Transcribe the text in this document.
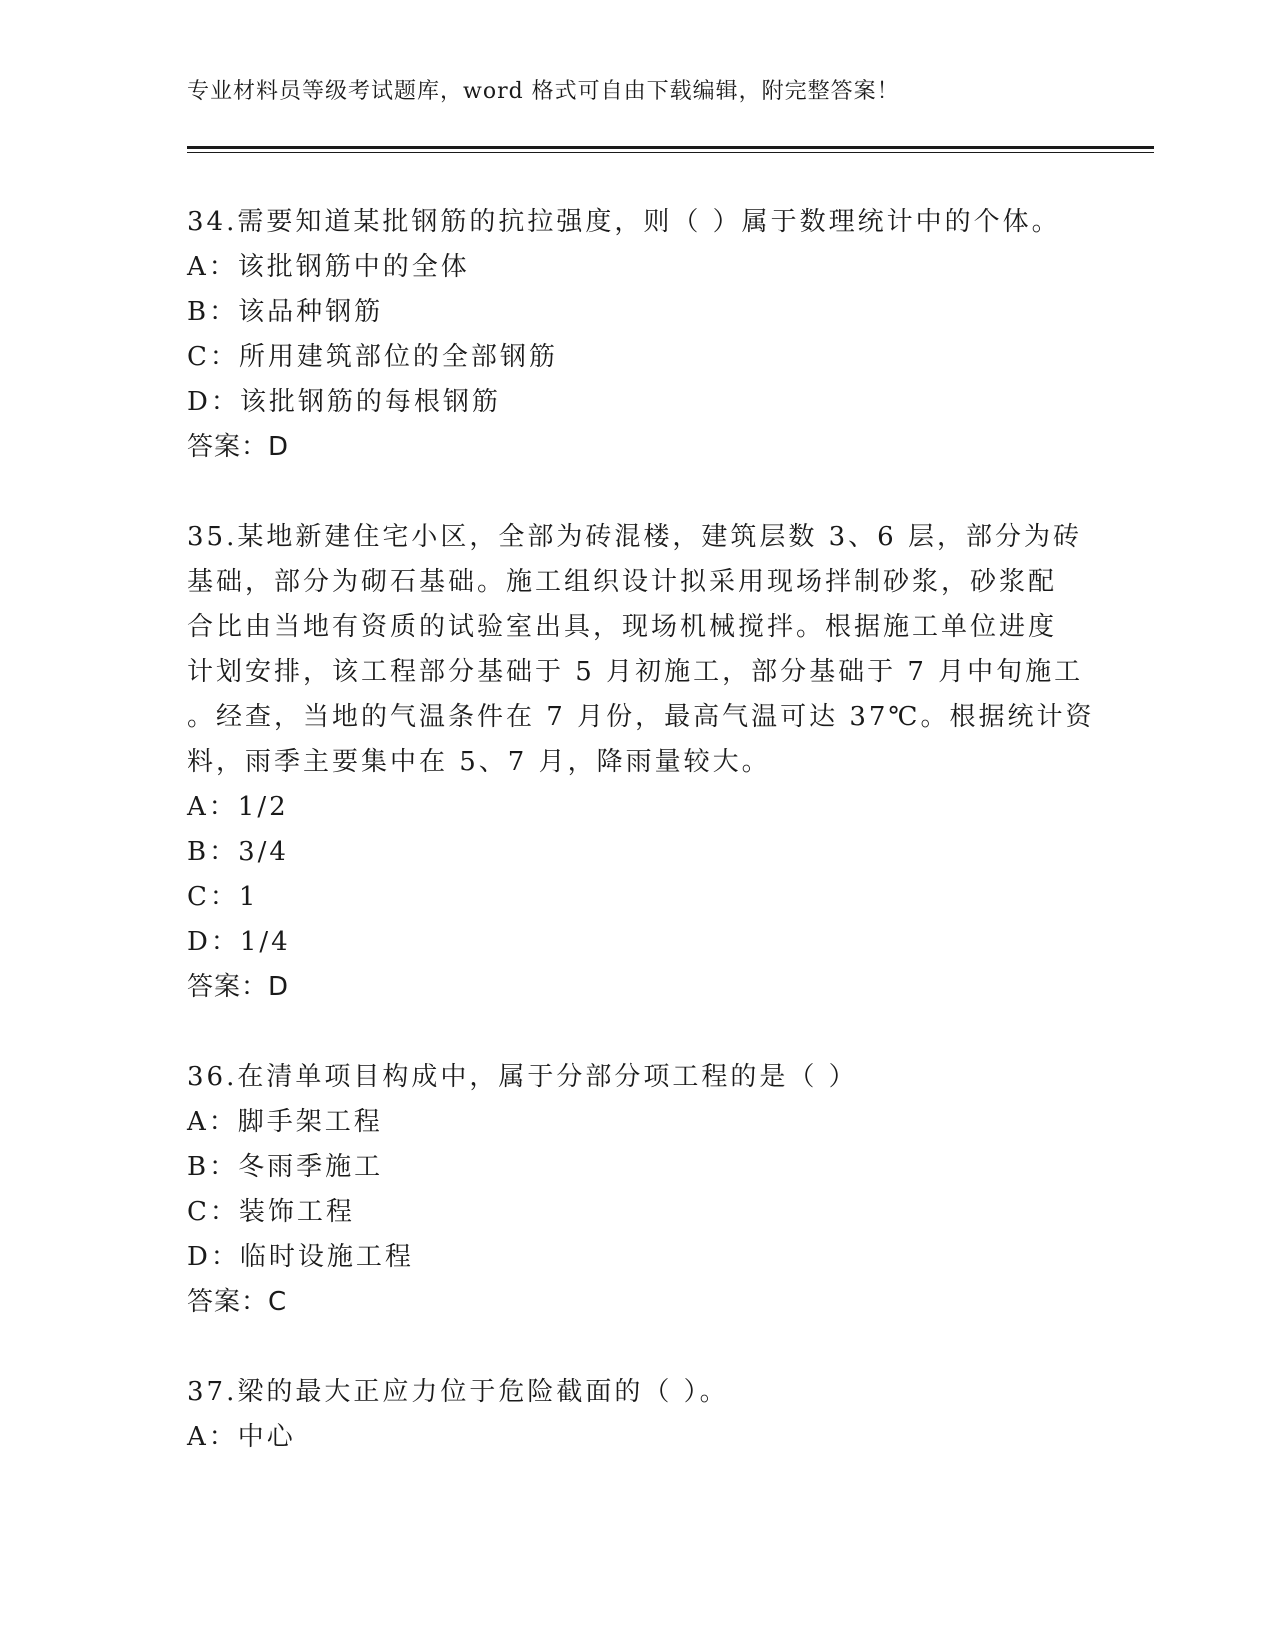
专业材料员等级考试题库，word 格式可自由下载编辑，附完整答案！
34.需要知道某批钢筋的抗拉强度，则（ ）属于数理统计中的个体。
A：该批钢筋中的全体
B：该品种钢筋
C：所用建筑部位的全部钢筋
D：该批钢筋的每根钢筋
答案：D
35.某地新建住宅小区，全部为砖混楼，建筑层数 3、6 层，部分为砖
基础，部分为砌石基础。施工组织设计拟采用现场拌制砂浆，砂浆配
合比由当地有资质的试验室出具，现场机械搅拌。根据施工单位进度
计划安排，该工程部分基础于 5 月初施工，部分基础于 7 月中旬施工
。经查，当地的气温条件在 7 月份，最高气温可达 37℃。根据统计资
料，雨季主要集中在 5、7 月，降雨量较大。
A：1/2
B：3/4
C：1
D：1/4
答案：D
36.在清单项目构成中，属于分部分项工程的是（ ）
A：脚手架工程
B：冬雨季施工
C：装饰工程
D：临时设施工程
答案：C
37.梁的最大正应力位于危险截面的（ ）。
A：中心
